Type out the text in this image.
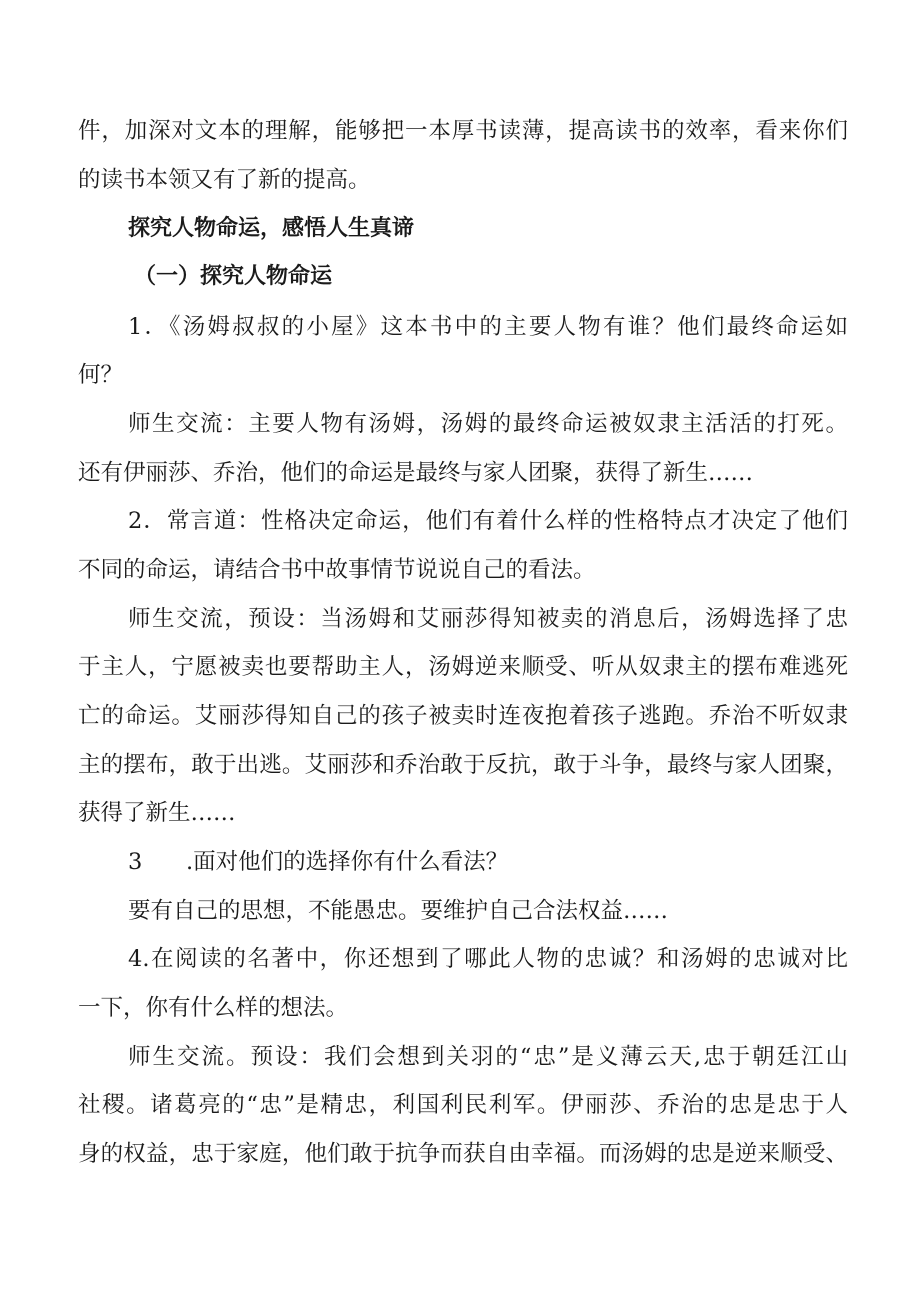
件，加深对文本的理解，能够把一本厚书读薄，提高读书的效率，看来你们
的读书本领又有了新的提高。
探究人物命运，感悟人生真谛
（一）探究人物命运
1．《汤姆叔叔的小屋》这本书中的主要人物有谁？他们最终命运如
何？
师生交流：主要人物有汤姆，汤姆的最终命运被奴隶主活活的打死。
还有伊丽莎、乔治，他们的命运是最终与家人团聚，获得了新生……
2．常言道：性格决定命运，他们有着什么样的性格特点才决定了他们
不同的命运，请结合书中故事情节说说自己的看法。
师生交流，预设：当汤姆和艾丽莎得知被卖的消息后，汤姆选择了忠
于主人，宁愿被卖也要帮助主人，汤姆逆来顺受、听从奴隶主的摆布难逃死
亡的命运。艾丽莎得知自己的孩子被卖时连夜抱着孩子逃跑。乔治不听奴隶
主的摆布，敢于出逃。艾丽莎和乔治敢于反抗，敢于斗争，最终与家人团聚，
获得了新生……
3	.面对他们的选择你有什么看法？
要有自己的思想，不能愚忠。要维护自己合法权益……
4.在阅读的名著中，你还想到了哪此人物的忠诚？和汤姆的忠诚对比
一下，你有什么样的想法。
师生交流。预设：我们会想到关羽的“忠”是义薄云天,忠于朝廷江山
社稷。诸葛亮的“忠”是精忠，利国利民利军。伊丽莎、乔治的忠是忠于人
身的权益，忠于家庭，他们敢于抗争而获自由幸福。而汤姆的忠是逆来顺受、
